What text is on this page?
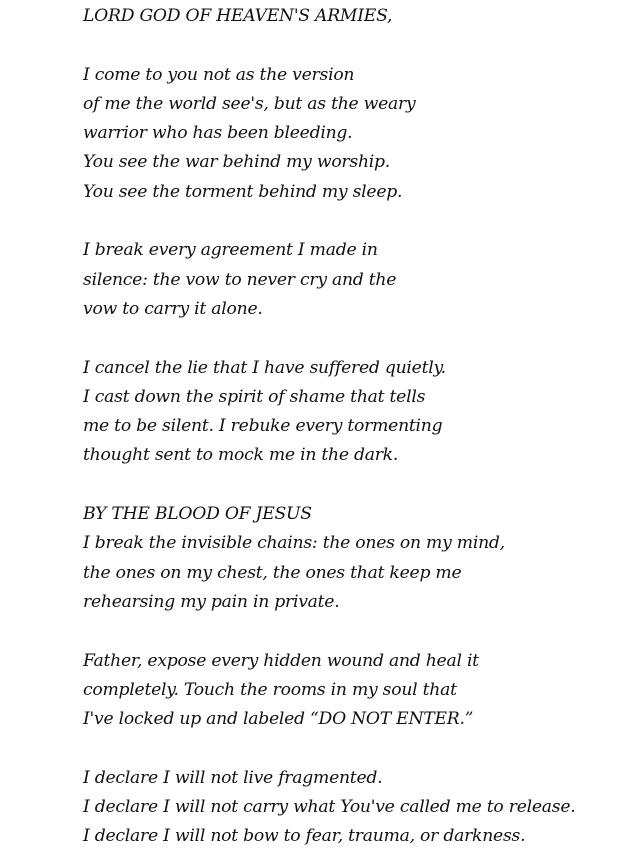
LORD GOD OF HEAVEN'S ARMIES,
I come to you not as the version
of me the world see's, but as the weary
warrior who has been bleeding.
You see the war behind my worship.
You see the torment behind my sleep.
I break every agreement I made in
silence: the vow to never cry and the
vow to carry it alone.
I cancel the lie that I have suffered quietly.
I cast down the spirit of shame that tells
me to be silent. I rebuke every tormenting
thought sent to mock me in the dark.
BY THE BLOOD OF JESUS
I break the invisible chains: the ones on my mind,
the ones on my chest, the ones that keep me
rehearsing my pain in private.
Father, expose every hidden wound and heal it
completely. Touch the rooms in my soul that
I've locked up and labeled “DO NOT ENTER.”
I declare I will not live fragmented.
I declare I will not carry what You've called me to release.
I declare I will not bow to fear, trauma, or darkness.
